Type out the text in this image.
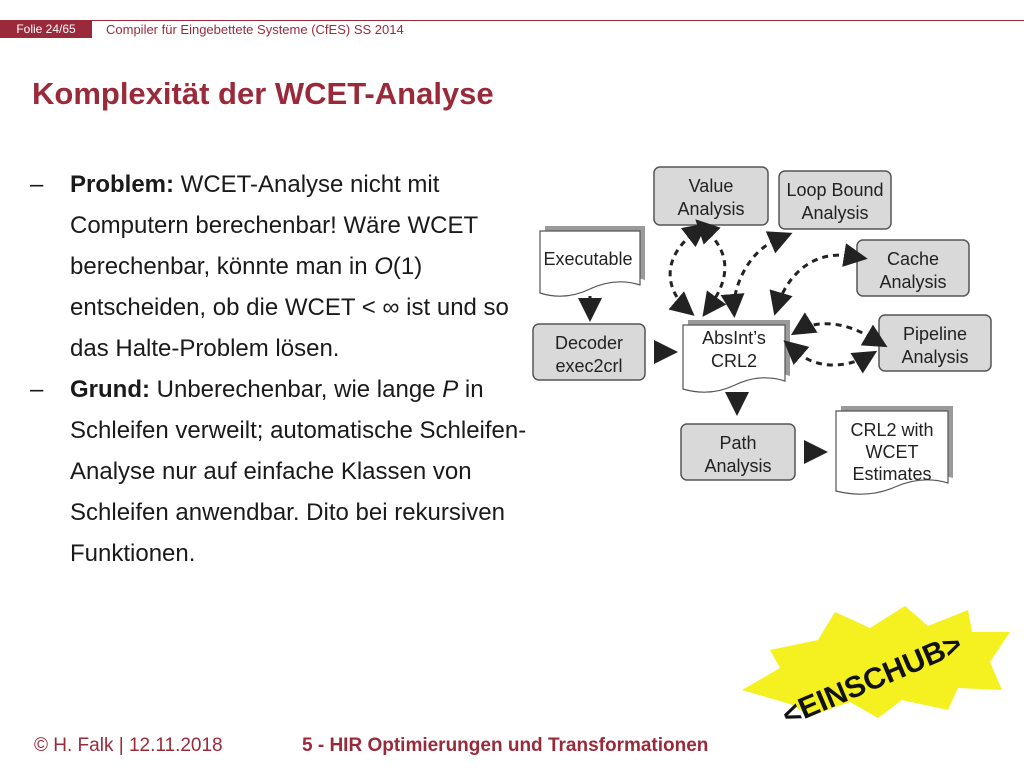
Folie 24/65	Compiler für Eingebettete Systeme (CfES) SS 2014
Komplexität der WCET-Analyse
– Problem: WCET-Analyse nicht mit Computern berechenbar! Wäre WCET berechenbar, könnte man in O(1) entscheiden, ob die WCET < ∞ ist und so das Halte-Problem lösen.
– Grund: Unberechenbar, wie lange P in Schleifen verweilt; automatische Schleifen-Analyse nur auf einfache Klassen von Schleifen anwendbar. Dito bei rekursiven Funktionen.
Value
Analysis
Loop Bound
Analysis
Cache
Analysis
Pipeline
Analysis
Executable
Decoder
exec2crl
AbsInt’s
CRL2
Path
Analysis
CRL2 with
WCET
Estimates
<EINSCHUB>
© H. Falk | 12.11.2018	5 - HIR Optimierungen und Transformationen
